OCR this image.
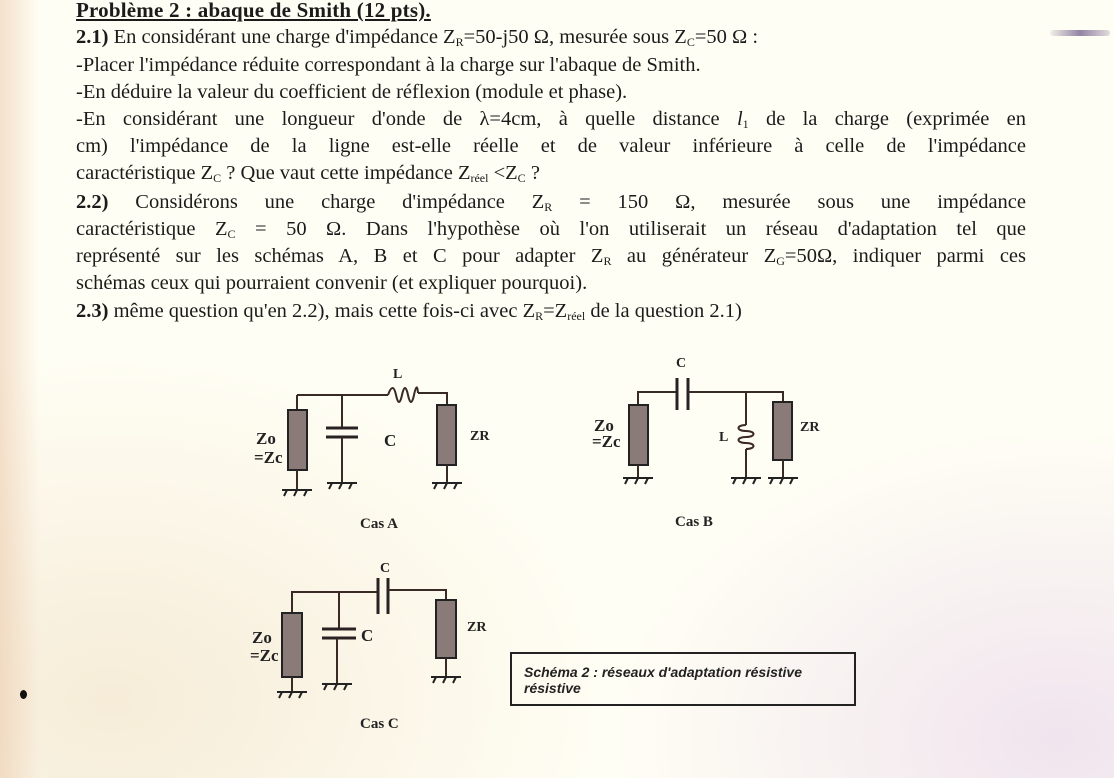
Problème 2 : abaque de Smith (12 pts).
2.1) En considérant une charge d'impédance $Z_R=50-j50$ Ω, mesurée sous $Z_C=50$ Ω :
-Placer l'impédance réduite correspondant à la charge sur l'abaque de Smith.
-En déduire la valeur du coefficient de réflexion (module et phase).
-En considérant une longueur d'onde de λ=4cm, à quelle distance $l_1$ de la charge (exprimée en
cm) l'impédance de la ligne est-elle réelle et de valeur inférieure à celle de l'impédance
caractéristique $Z_C$ ? Que vaut cette impédance $Z_{réel} <Z_C$ ?
2.2) Considérons une charge d'impédance $Z_R = 150$ Ω, mesurée sous une impédance
caractéristique $Z_C = 50$ Ω. Dans l'hypothèse où l'on utiliserait un réseau d'adaptation tel que
représenté sur les schémas A, B et C pour adapter $Z_R$ au générateur $Z_G=50\Omega$, indiquer parmi ces
schémas ceux qui pourraient convenir (et expliquer pourquoi).
2.3) même question qu'en 2.2), mais cette fois-ci avec $Z_R=Z_{réel}$ de la question 2.1)
L
Zo
=Zc
C	ZR
Cas A
C
Zo
=Zc	L
ZR
Cas B
C
Zo
=Zc
C	ZR
Cas C
Schéma 2 : réseaux d'adaptation résistive résistive
